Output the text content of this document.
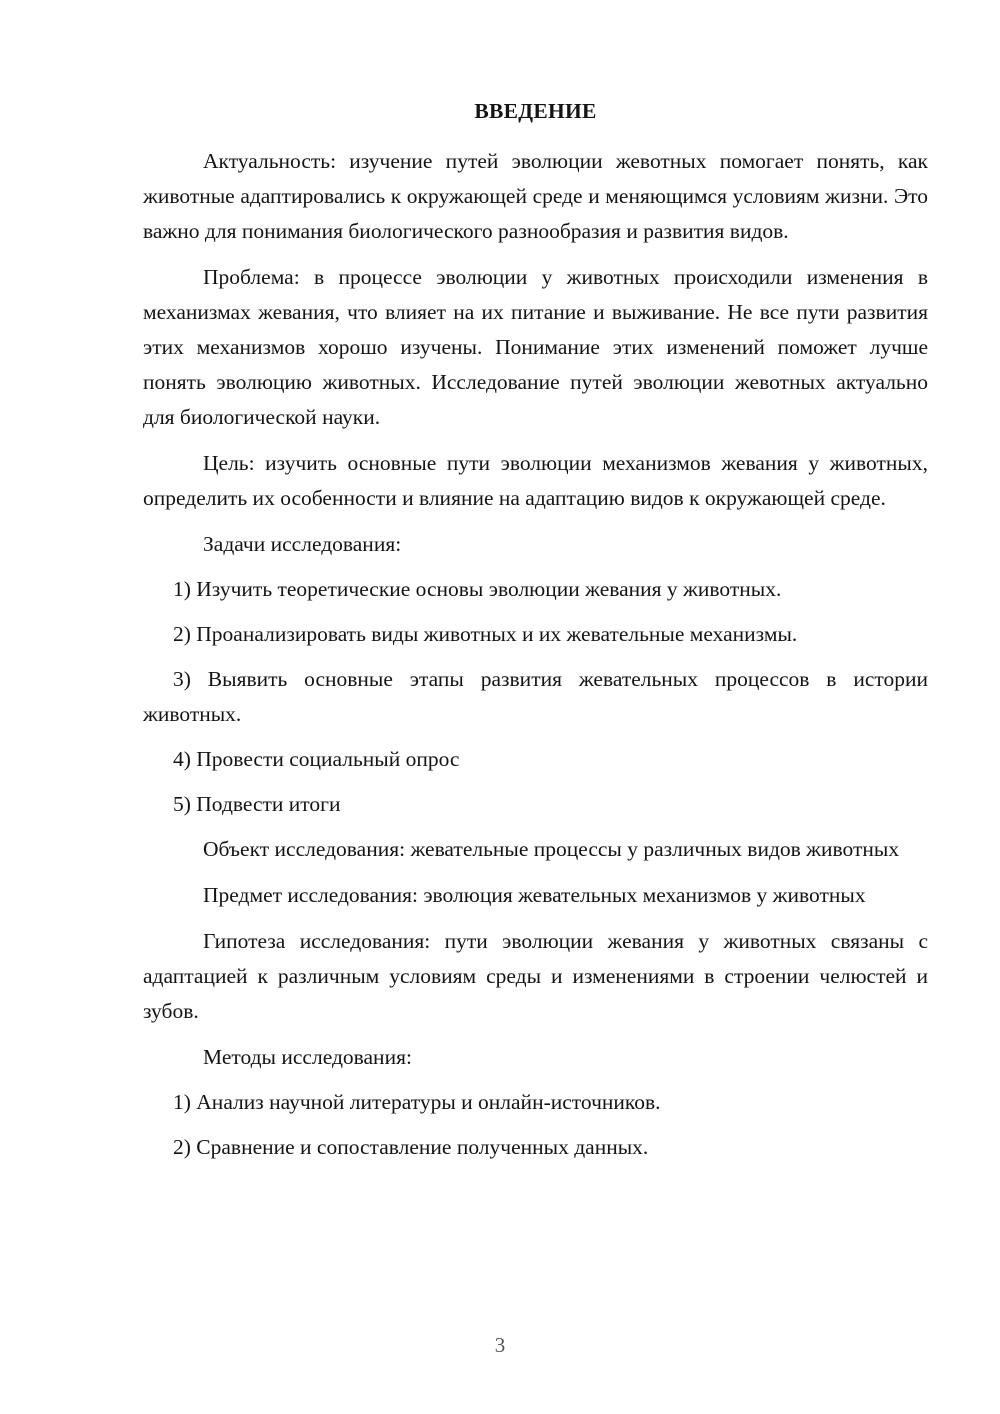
ВВЕДЕНИЕ

Актуальность: изучение путей эволюции жевотных помогает понять, как животные адаптировались к окружающей среде и меняющимся условиям жизни. Это важно для понимания биологического разнообразия и развития видов.

Проблема: в процессе эволюции у животных происходили изменения в механизмах жевания, что влияет на их питание и выживание. Не все пути развития этих механизмов хорошо изучены. Понимание этих изменений поможет лучше понять эволюцию животных. Исследование путей эволюции жевотных актуально для биологической науки.

Цель: изучить основные пути эволюции механизмов жевания у животных, определить их особенности и влияние на адаптацию видов к окружающей среде.

Задачи исследования:

1) Изучить теоретические основы эволюции жевания у животных.

2) Проанализировать виды животных и их жевательные механизмы.

3) Выявить основные этапы развития жевательных процессов в истории животных.

4) Провести социальный опрос

5) Подвести итоги

Объект исследования: жевательные процессы у различных видов животных

Предмет исследования: эволюция жевательных механизмов у животных

Гипотеза исследования: пути эволюции жевания у животных связаны с адаптацией к различным условиям среды и изменениями в строении челюстей и зубов.

Методы исследования:

1) Анализ научной литературы и онлайн-источников.

2) Сравнение и сопоставление полученных данных.

3
